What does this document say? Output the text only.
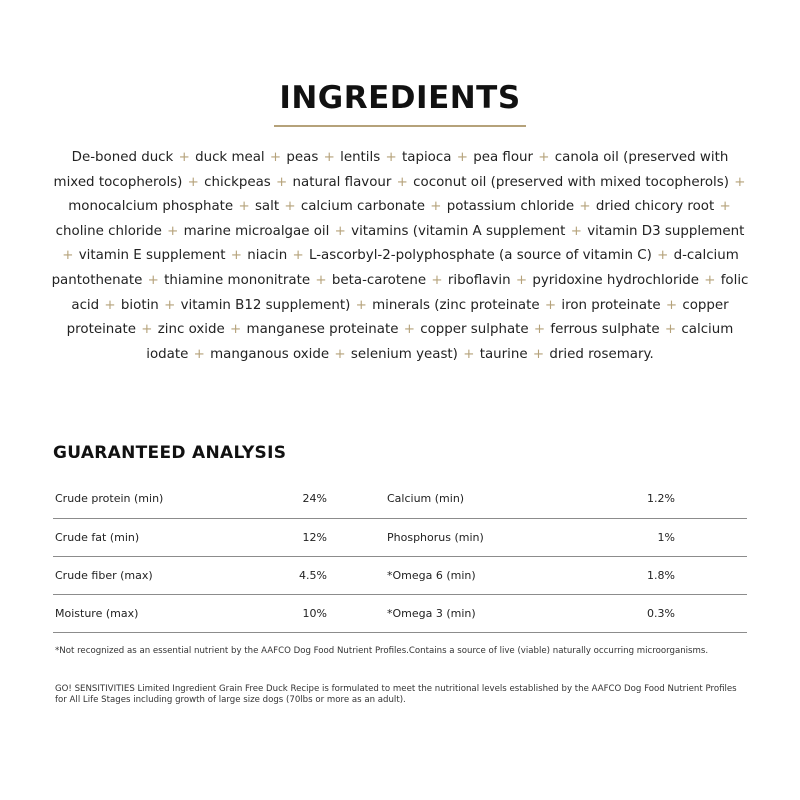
INGREDIENTS

De-boned duck + duck meal + peas + lentils + tapioca + pea flour + canola oil (preserved with mixed tocopherols) + chickpeas + natural flavour + coconut oil (preserved with mixed tocopherols) + monocalcium phosphate + salt + calcium carbonate + potassium chloride + dried chicory root + choline chloride + marine microalgae oil + vitamins (vitamin A supplement + vitamin D3 supplement + vitamin E supplement + niacin + L-ascorbyl-2-polyphosphate (a source of vitamin C) + d-calcium pantothenate + thiamine mononitrate + beta-carotene + riboflavin + pyridoxine hydrochloride + folic acid + biotin + vitamin B12 supplement) + minerals (zinc proteinate + iron proteinate + copper proteinate + zinc oxide + manganese proteinate + copper sulphate + ferrous sulphate + calcium iodate + manganous oxide + selenium yeast) + taurine + dried rosemary.

GUARANTEED ANALYSIS
Crude protein (min)	24%		Calcium (min)	1.2%
Crude fat (min)	12%		Phosphorus (min)	1%
Crude fiber (max)	4.5%		*Omega 6 (min)	1.8%
Moisture (max)	10%		*Omega 3 (min)	0.3%

*Not recognized as an essential nutrient by the AAFCO Dog Food Nutrient Profiles.Contains a source of live (viable) naturally occurring microorganisms.

GO! SENSITIVITIES Limited Ingredient Grain Free Duck Recipe is formulated to meet the nutritional levels established by the AAFCO Dog Food Nutrient Profiles for All Life Stages including growth of large size dogs (70lbs or more as an adult).
